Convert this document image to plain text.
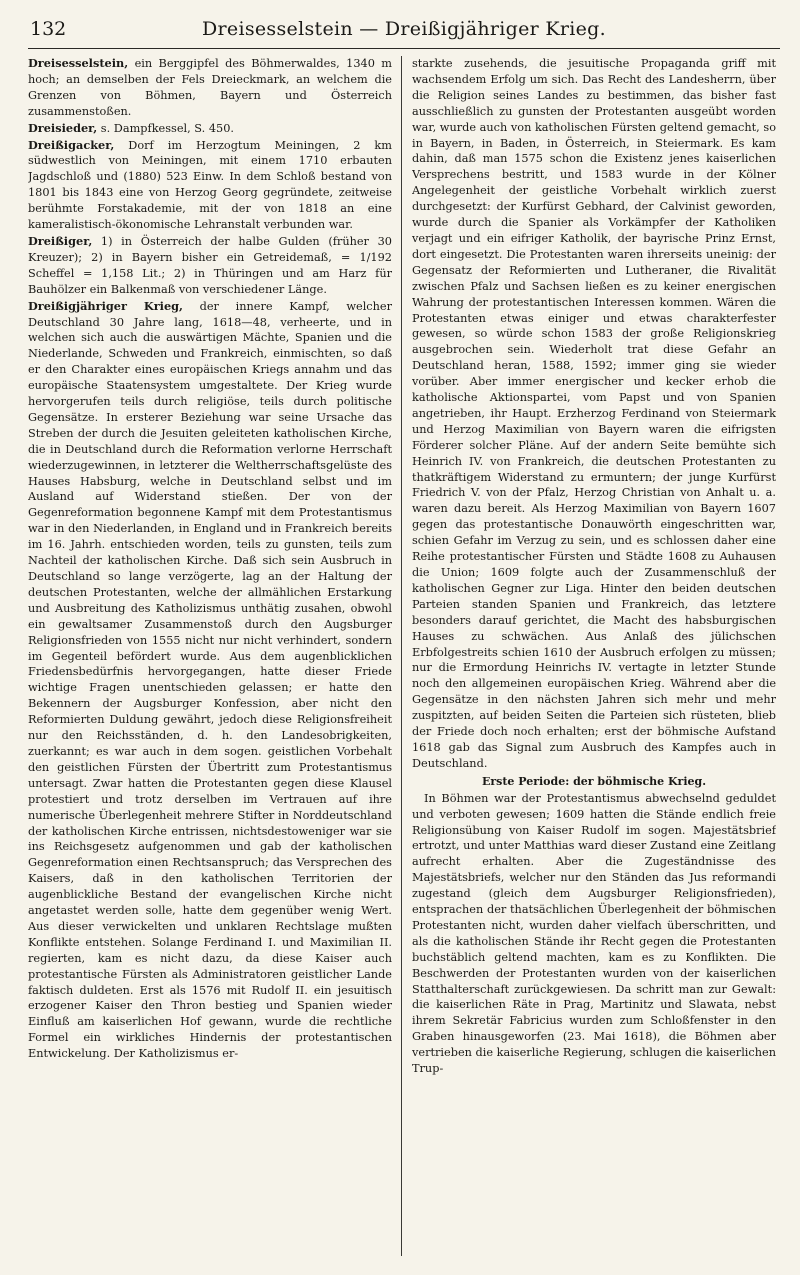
132	Dreisesselstein — Dreißigjähriger Krieg.

Dreisesselstein, ein Berggipfel des Böhmerwaldes, 1340 m hoch; an demselben der Fels Dreieckmark, an welchem die Grenzen von Böhmen, Bayern und Österreich zusammenstoßen.

Dreisieder, s. Dampfkessel, S. 450.

Dreißigacker, Dorf im Herzogtum Meiningen, 2 km südwestlich von Meiningen, mit einem 1710 erbauten Jagdschloß und (1880) 523 Einw. In dem Schloß bestand von 1801 bis 1843 eine von Herzog Georg gegründete, zeitweise berühmte Forstakademie, mit der von 1818 an eine kameralistisch-ökonomische Lehranstalt verbunden war.

Dreißiger, 1) in Österreich der halbe Gulden (früher 30 Kreuzer); 2) in Bayern bisher ein Getreidemaß, = 1/192 Scheffel = 1,158 Lit.; 2) in Thüringen und am Harz für Bauhölzer ein Balkenmaß von verschiedener Länge.

Dreißigjähriger Krieg, der innere Kampf, welcher Deutschland 30 Jahre lang, 1618—48, verheerte, und in welchen sich auch die auswärtigen Mächte, Spanien und die Niederlande, Schweden und Frankreich, einmischten, so daß er den Charakter eines europäischen Kriegs annahm und das europäische Staatensystem umgestaltete. Der Krieg wurde hervorgerufen teils durch religiöse, teils durch politische Gegensätze. In ersterer Beziehung war seine Ursache das Streben der durch die Jesuiten geleiteten katholischen Kirche, die in Deutschland durch die Reformation verlorne Herrschaft wiederzugewinnen, in letzterer die Weltherrschaftsgelüste des Hauses Habsburg, welche in Deutschland selbst und im Ausland auf Widerstand stießen. Der von der Gegenreformation begonnene Kampf mit dem Protestantismus war in den Niederlanden, in England und in Frankreich bereits im 16. Jahrh. entschieden worden, teils zu gunsten, teils zum Nachteil der katholischen Kirche. Daß sich sein Ausbruch in Deutschland so lange verzögerte, lag an der Haltung der deutschen Protestanten, welche der allmählichen Erstarkung und Ausbreitung des Katholizismus unthätig zusahen, obwohl ein gewaltsamer Zusammenstoß durch den Augsburger Religionsfrieden von 1555 nicht nur nicht verhindert, sondern im Gegenteil befördert wurde. Aus dem augenblicklichen Friedensbedürfnis hervorgegangen, hatte dieser Friede wichtige Fragen unentschieden gelassen; er hatte den Bekennern der Augsburger Konfession, aber nicht den Reformierten Duldung gewährt, jedoch diese Religionsfreiheit nur den Reichsständen, d. h. den Landesobrigkeiten, zuerkannt; es war auch in dem sogen. geistlichen Vorbehalt den geistlichen Fürsten der Übertritt zum Protestantismus untersagt. Zwar hatten die Protestanten gegen diese Klausel protestiert und trotz derselben im Vertrauen auf ihre numerische Überlegenheit mehrere Stifter in Norddeutschland der katholischen Kirche entrissen, nichtsdestoweniger war sie ins Reichsgesetz aufgenommen und gab der katholischen Gegenreformation einen Rechtsanspruch; das Versprechen des Kaisers, daß in den katholischen Territorien der augenblickliche Bestand der evangelischen Kirche nicht angetastet werden solle, hatte dem gegenüber wenig Wert. Aus dieser verwickelten und unklaren Rechtslage mußten Konflikte entstehen. Solange Ferdinand I. und Maximilian II. regierten, kam es nicht dazu, da diese Kaiser auch protestantische Fürsten als Administratoren geistlicher Lande faktisch duldeten. Erst als 1576 mit Rudolf II. ein jesuitisch erzogener Kaiser den Thron bestieg und Spanien wieder Einfluß am kaiserlichen Hof gewann, wurde die rechtliche Formel ein wirkliches Hindernis der protestantischen Entwickelung. Der Katholizismus er-

starkte zusehends, die jesuitische Propaganda griff mit wachsendem Erfolg um sich. Das Recht des Landesherrn, über die Religion seines Landes zu bestimmen, das bisher fast ausschließlich zu gunsten der Protestanten ausgeübt worden war, wurde auch von katholischen Fürsten geltend gemacht, so in Bayern, in Baden, in Österreich, in Steiermark. Es kam dahin, daß man 1575 schon die Existenz jenes kaiserlichen Versprechens bestritt, und 1583 wurde in der Kölner Angelegenheit der geistliche Vorbehalt wirklich zuerst durchgesetzt: der Kurfürst Gebhard, der Calvinist geworden, wurde durch die Spanier als Vorkämpfer der Katholiken verjagt und ein eifriger Katholik, der bayrische Prinz Ernst, dort eingesetzt. Die Protestanten waren ihrerseits uneinig: der Gegensatz der Reformierten und Lutheraner, die Rivalität zwischen Pfalz und Sachsen ließen es zu keiner energischen Wahrung der protestantischen Interessen kommen. Wären die Protestanten etwas einiger und etwas charakterfester gewesen, so würde schon 1583 der große Religionskrieg ausgebrochen sein. Wiederholt trat diese Gefahr an Deutschland heran, 1588, 1592; immer ging sie wieder vorüber. Aber immer energischer und kecker erhob die katholische Aktionspartei, vom Papst und von Spanien angetrieben, ihr Haupt. Erzherzog Ferdinand von Steiermark und Herzog Maximilian von Bayern waren die eifrigsten Förderer solcher Pläne. Auf der andern Seite bemühte sich Heinrich IV. von Frankreich, die deutschen Protestanten zu thatkräftigem Widerstand zu ermuntern; der junge Kurfürst Friedrich V. von der Pfalz, Herzog Christian von Anhalt u. a. waren dazu bereit. Als Herzog Maximilian von Bayern 1607 gegen das protestantische Donauwörth eingeschritten war, schien Gefahr im Verzug zu sein, und es schlossen daher eine Reihe protestantischer Fürsten und Städte 1608 zu Auhausen die Union; 1609 folgte auch der Zusammenschluß der katholischen Gegner zur Liga. Hinter den beiden deutschen Parteien standen Spanien und Frankreich, das letztere besonders darauf gerichtet, die Macht des habsburgischen Hauses zu schwächen. Aus Anlaß des jülichschen Erbfolgestreits schien 1610 der Ausbruch erfolgen zu müssen; nur die Ermordung Heinrichs IV. vertagte in letzter Stunde noch den allgemeinen europäischen Krieg. Während aber die Gegensätze in den nächsten Jahren sich mehr und mehr zuspitzten, auf beiden Seiten die Parteien sich rüsteten, blieb der Friede doch noch erhalten; erst der böhmische Aufstand 1618 gab das Signal zum Ausbruch des Kampfes auch in Deutschland.

Erste Periode: der böhmische Krieg.

In Böhmen war der Protestantismus abwechselnd geduldet und verboten gewesen; 1609 hatten die Stände endlich freie Religionsübung von Kaiser Rudolf im sogen. Majestätsbrief ertrotzt, und unter Matthias ward dieser Zustand eine Zeitlang aufrecht erhalten. Aber die Zugeständnisse des Majestätsbriefs, welcher nur den Ständen das Jus reformandi zugestand (gleich dem Augsburger Religionsfrieden), entsprachen der thatsächlichen Überlegenheit der böhmischen Protestanten nicht, wurden daher vielfach überschritten, und als die katholischen Stände ihr Recht gegen die Protestanten buchstäblich geltend machten, kam es zu Konflikten. Die Beschwerden der Protestanten wurden von der kaiserlichen Statthalterschaft zurückgewiesen. Da schritt man zur Gewalt: die kaiserlichen Räte in Prag, Martinitz und Slawata, nebst ihrem Sekretär Fabricius wurden zum Schloßfenster in den Graben hinausgeworfen (23. Mai 1618), die Böhmen aber vertrieben die kaiserliche Regierung, schlugen die kaiserlichen Trup-
